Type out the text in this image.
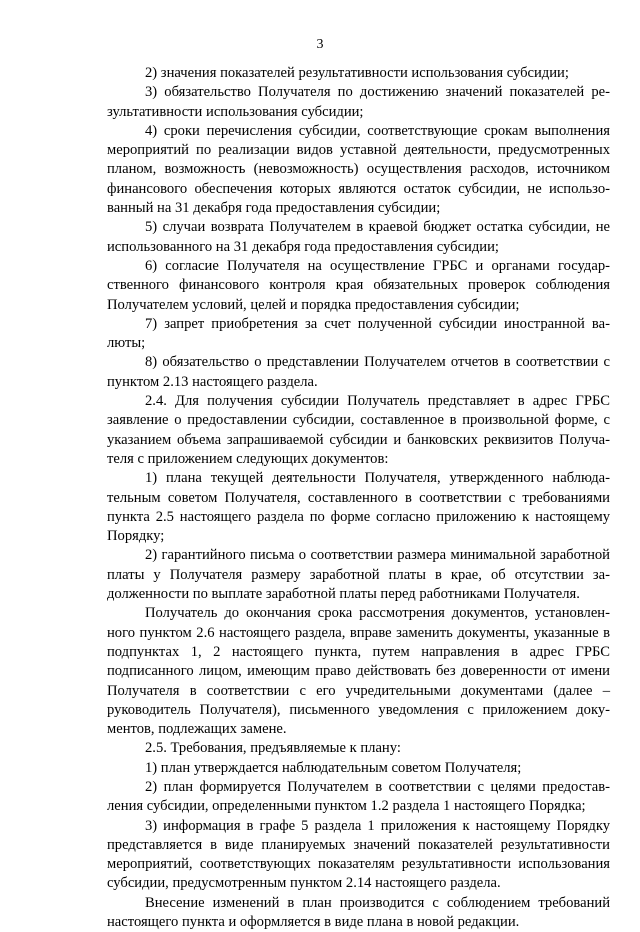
3

2) значения показателей результативности использования субсидии;

3) обязательство Получателя по достижению значений показателей результативности использования субсидии;

4) сроки перечисления субсидии, соответствующие срокам выполнения мероприятий по реализации видов уставной деятельности, предусмотренных планом, возможность (невозможность) осуществления расходов, источником финансового обеспечения которых являются остаток субсидии, не использованный на 31 декабря года предоставления субсидии;

5) случаи возврата Получателем в краевой бюджет остатка субсидии, не использованного на 31 декабря года предоставления субсидии;

6) согласие Получателя на осуществление ГРБС и органами государственного финансового контроля края обязательных проверок соблюдения Получателем условий, целей и порядка предоставления субсидии;

7) запрет приобретения за счет полученной субсидии иностранной валюты;

8) обязательство о представлении Получателем отчетов в соответствии с пунктом 2.13 настоящего раздела.

2.4. Для получения субсидии Получатель представляет в адрес ГРБС заявление о предоставлении субсидии, составленное в произвольной форме, с указанием объема запрашиваемой субсидии и банковских реквизитов Получателя с приложением следующих документов:

1) плана текущей деятельности Получателя, утвержденного наблюдательным советом Получателя, составленного в соответствии с требованиями пункта 2.5 настоящего раздела по форме согласно приложению к настоящему Порядку;

2) гарантийного письма о соответствии размера минимальной заработной платы у Получателя размеру заработной платы в крае, об отсутствии задолженности по выплате заработной платы перед работниками Получателя.

Получатель до окончания срока рассмотрения документов, установленного пунктом 2.6 настоящего раздела, вправе заменить документы, указанные в подпунктах 1, 2 настоящего пункта, путем направления в адрес ГРБС подписанного лицом, имеющим право действовать без доверенности от имени Получателя в соответствии с его учредительными документами (далее – руководитель Получателя), письменного уведомления с приложением документов, подлежащих замене.

2.5. Требования, предъявляемые к плану:

1) план утверждается наблюдательным советом Получателя;

2) план формируется Получателем в соответствии с целями предоставления субсидии, определенными пунктом 1.2 раздела 1 настоящего Порядка;

3) информация в графе 5 раздела 1 приложения к настоящему Порядку представляется в виде планируемых значений показателей результативности мероприятий, соответствующих показателям результативности использования субсидии, предусмотренным пунктом 2.14 настоящего раздела.

Внесение изменений в план производится с соблюдением требований настоящего пункта и оформляется в виде плана в новой редакции.
